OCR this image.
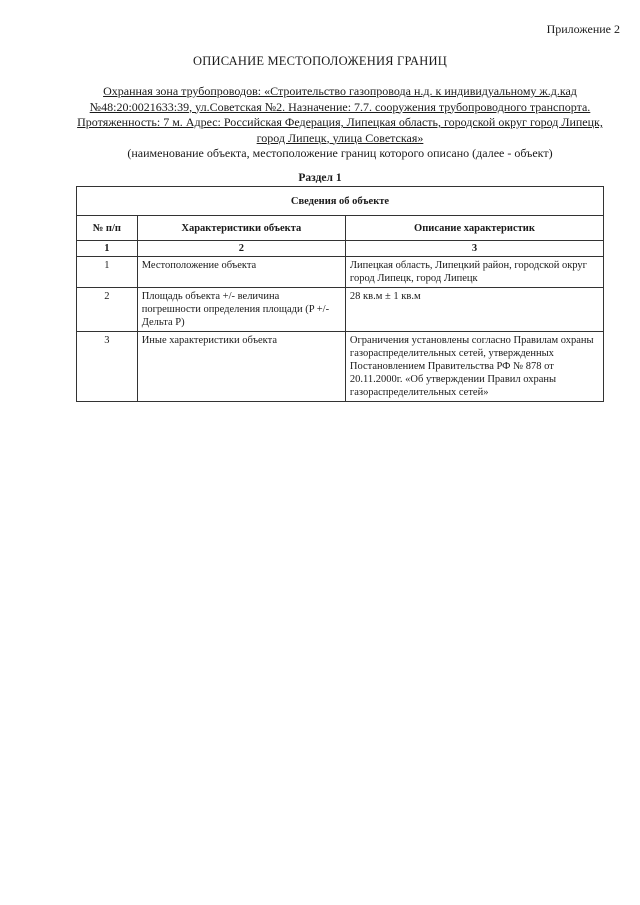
Приложение 2
ОПИСАНИЕ МЕСТОПОЛОЖЕНИЯ ГРАНИЦ
Охранная зона трубопроводов: «Строительство газопровода н.д. к индивидуальному ж.д.кад №48:20:0021633:39, ул.Советская №2. Назначение: 7.7. сооружения трубопроводного транспорта. Протяженность: 7 м. Адрес: Российская Федерация, Липецкая область, городской округ город Липецк, город Липецк, улица Советская»
(наименование объекта, местоположение границ которого описано (далее - объект)
Раздел 1
Сведения об объекте		
№ п/п	Характеристики объекта	Описание характеристик
1	2	3
1	Местоположение объекта	Липецкая область, Липецкий район, городской округ город Липецк, город Липецк
2	Площадь объекта +/- величина погрешности определения площади (P +/- Дельта P)	28 кв.м ± 1 кв.м
3	Иные характеристики объекта	Ограничения установлены согласно Правилам охраны газораспределительных сетей, утвержденных Постановлением Правительства РФ № 878 от 20.11.2000г. «Об утверждении Правил охраны газораспределительных сетей»
